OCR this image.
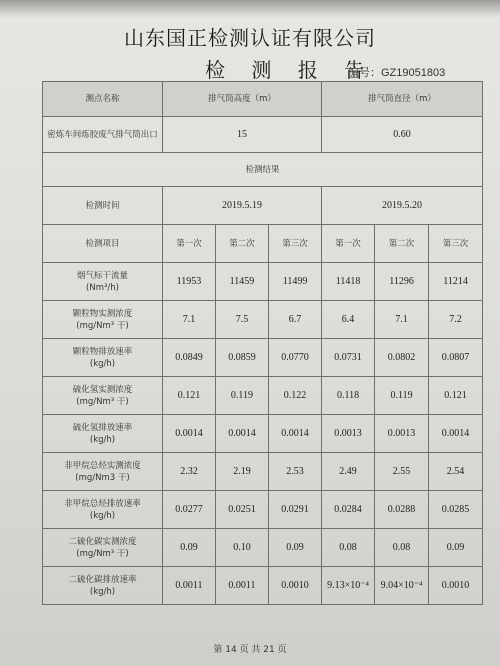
山东国正检测认证有限公司
检 测 报 告
编号：GZ19051803
测点名称	排气筒高度（m）			排气筒直径（m）		
密炼车间炼胶废气排气筒出口	15			0.60		
检测结果						
检测时间	2019.5.19			2019.5.20		
检测项目	第一次	第二次	第三次	第一次	第二次	第三次

烟气标干流量
(Nm³/h)	11953	11459	11499	11418	11296	11214

颗粒物实测浓度
(mg/Nm³ 干)	7.1	7.5	6.7	6.4	7.1	7.2

颗粒物排放速率
(kg/h)	0.0849	0.0859	0.0770	0.0731	0.0802	0.0807

硫化氢实测浓度
(mg/Nm³ 干)	0.121	0.119	0.122	0.118	0.119	0.121

硫化氢排放速率
(kg/h)	0.0014	0.0014	0.0014	0.0013	0.0013	0.0014

非甲烷总烃实测浓度
(mg/Nm3 干)	2.32	2.19	2.53	2.49	2.55	2.54

非甲烷总烃排放速率
(kg/h)	0.0277	0.0251	0.0291	0.0284	0.0288	0.0285

二硫化碳实测浓度
(mg/Nm³ 干)	0.09	0.10	0.09	0.08	0.08	0.09

二硫化碳排放速率
(kg/h)	0.0011	0.0011	0.0010	9.13×10⁻⁴	9.04×10⁻⁴	0.0010
第 14 页 共 21 页
